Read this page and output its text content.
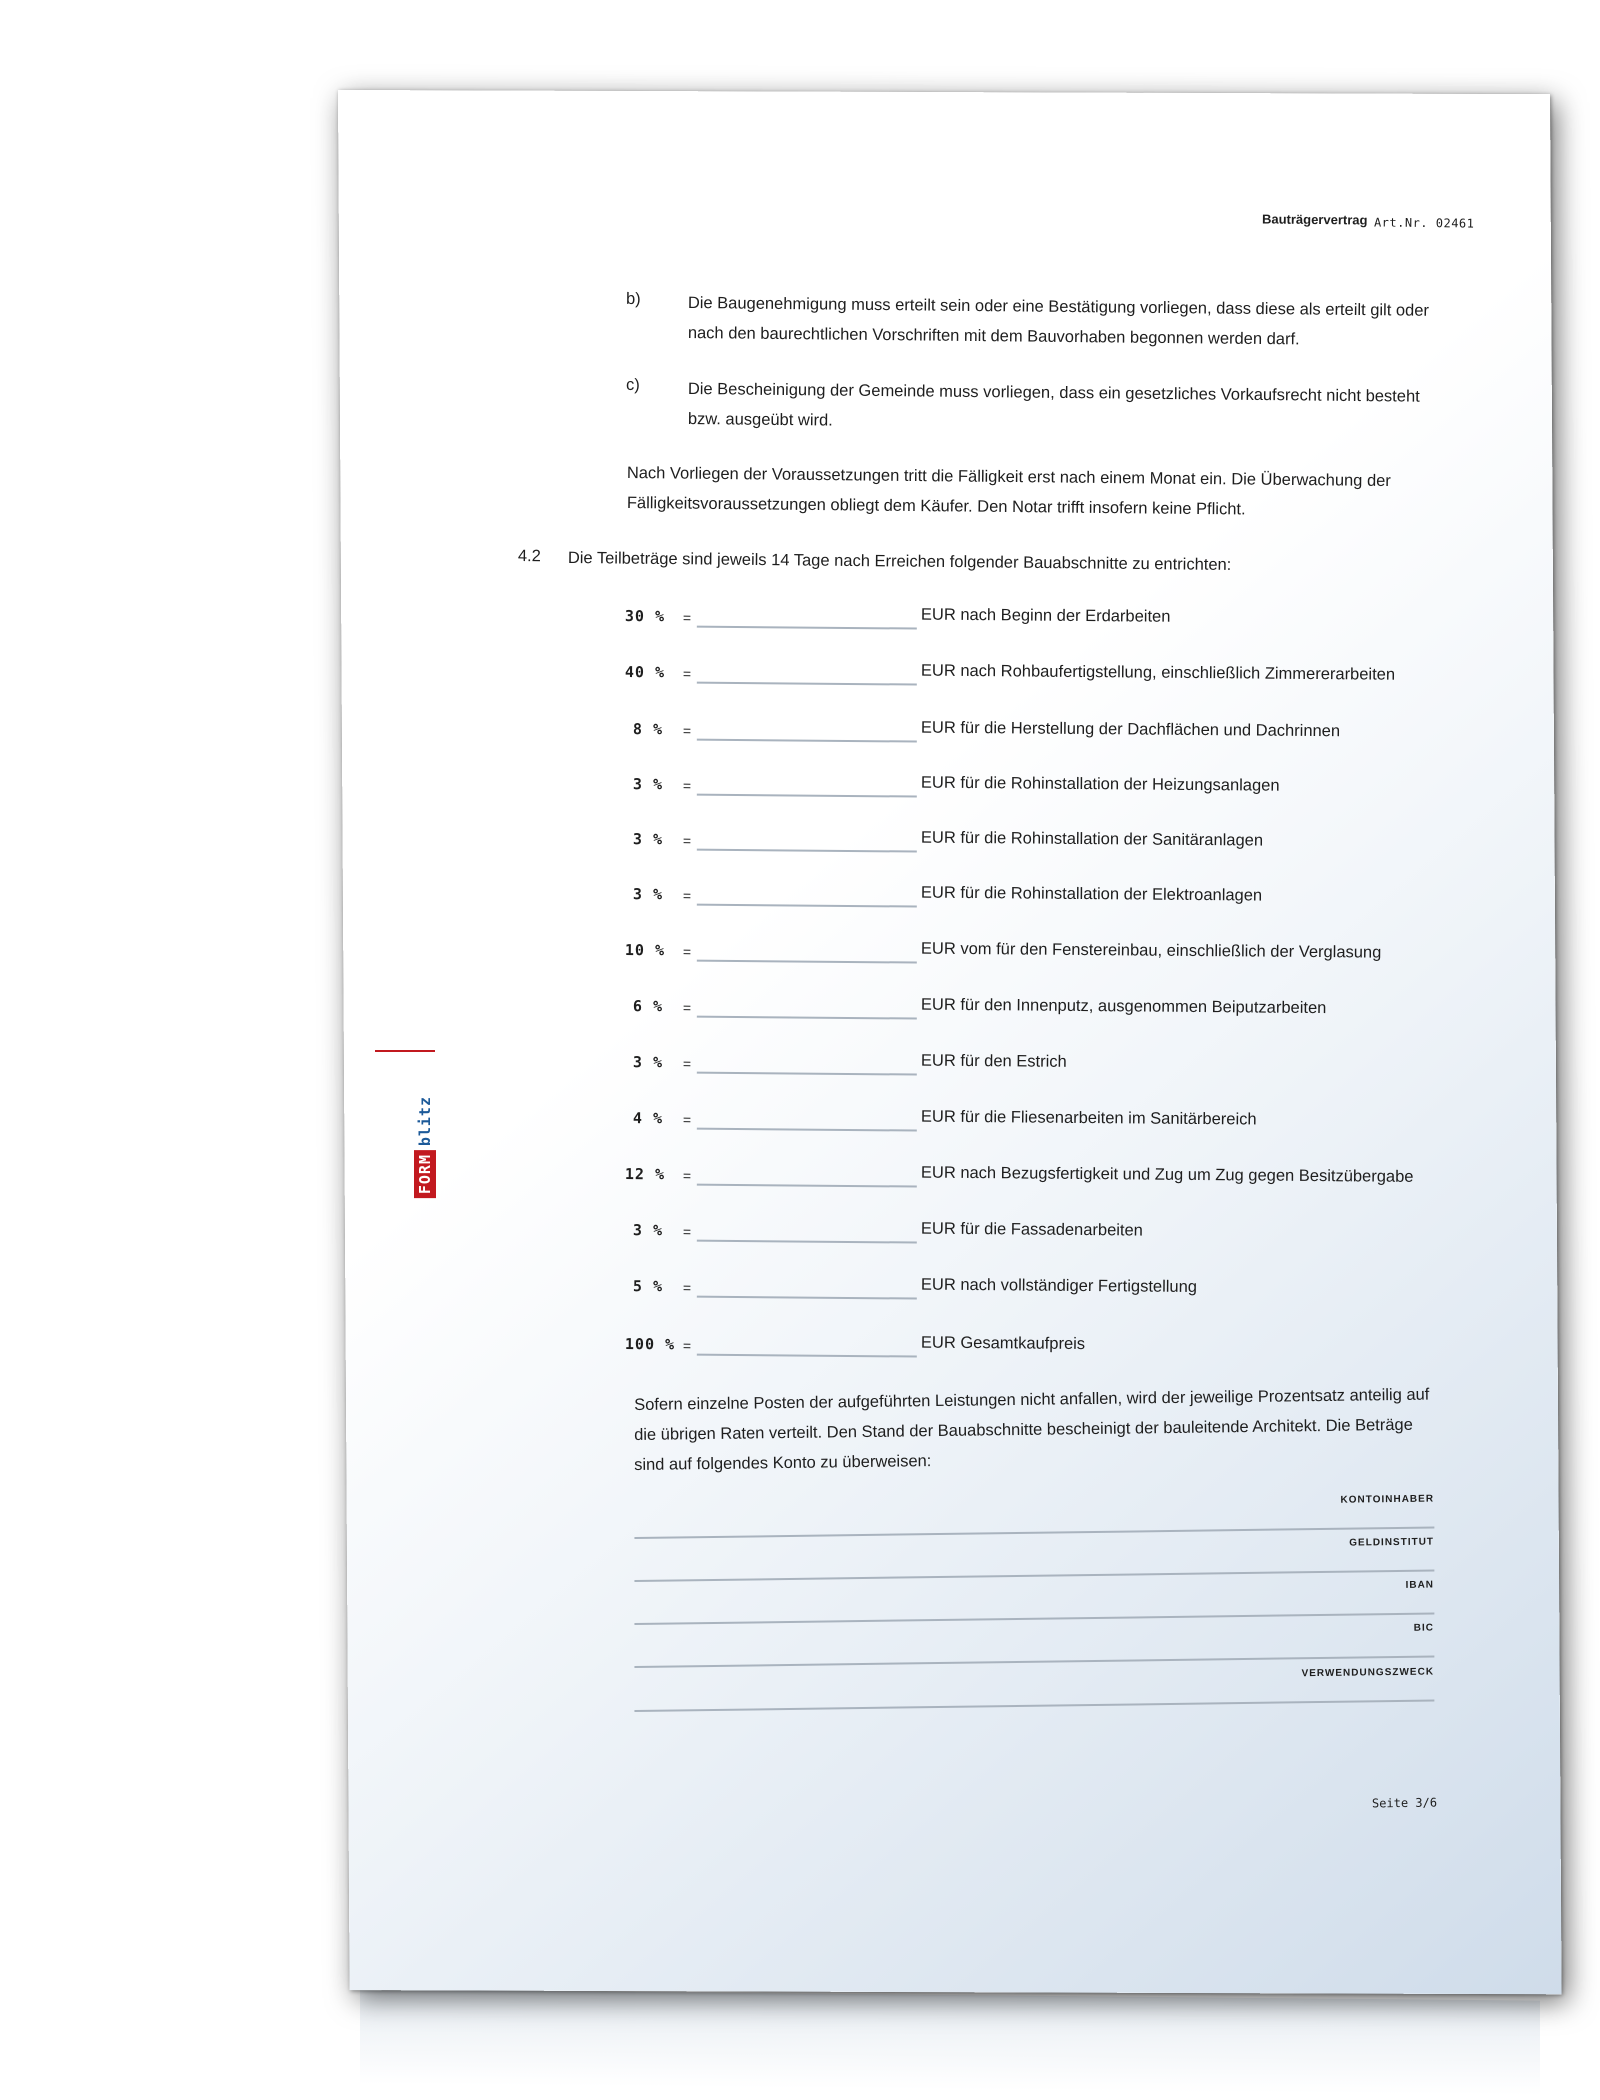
FORM
blitz
Bauträgervertrag Art.Nr. 02461
b)	Die Baugenehmigung muss erteilt sein oder eine Bestätigung vorliegen, dass diese als erteilt gilt oder
nach den baurechtlichen Vorschriften mit dem Bauvorhaben begonnen werden darf.
c)	Die Bescheinigung der Gemeinde muss vorliegen, dass ein gesetzliches Vorkaufsrecht nicht besteht
bzw. ausgeübt wird.
Nach Vorliegen der Voraussetzungen tritt die Fälligkeit erst nach einem Monat ein. Die Überwachung der
Fälligkeitsvoraussetzungen obliegt dem Käufer. Den Notar trifft insofern keine Pflicht.
4.2 Die Teilbeträge sind jeweils 14 Tage nach Erreichen folgender Bauabschnitte zu entrichten:
30 % =	EUR nach Beginn der Erdarbeiten
40 % =	EUR nach Rohbaufertigstellung, einschließlich Zimmererarbeiten
8 % =	EUR für die Herstellung der Dachflächen und Dachrinnen
3 % =	EUR für die Rohinstallation der Heizungsanlagen
3 % =	EUR für die Rohinstallation der Sanitäranlagen
3 % =	EUR für die Rohinstallation der Elektroanlagen
10 % =	EUR vom für den Fenstereinbau, einschließlich der Verglasung
6 % =	EUR für den Innenputz, ausgenommen Beiputzarbeiten
3 % =	EUR für den Estrich
4 % =	EUR für die Fliesenarbeiten im Sanitärbereich
12 % =	EUR nach Bezugsfertigkeit und Zug um Zug gegen Besitzübergabe
3 % =	EUR für die Fassadenarbeiten
5 % =	EUR nach vollständiger Fertigstellung
100 % =	EUR Gesamtkaufpreis
Sofern einzelne Posten der aufgeführten Leistungen nicht anfallen, wird der jeweilige Prozentsatz anteilig auf
die übrigen Raten verteilt. Den Stand der Bauabschnitte bescheinigt der bauleitende Architekt. Die Beträge
sind auf folgendes Konto zu überweisen:
KONTOINHABER
GELDINSTITUT
IBAN
BIC
VERWENDUNGSZWECK
Seite 3/6
